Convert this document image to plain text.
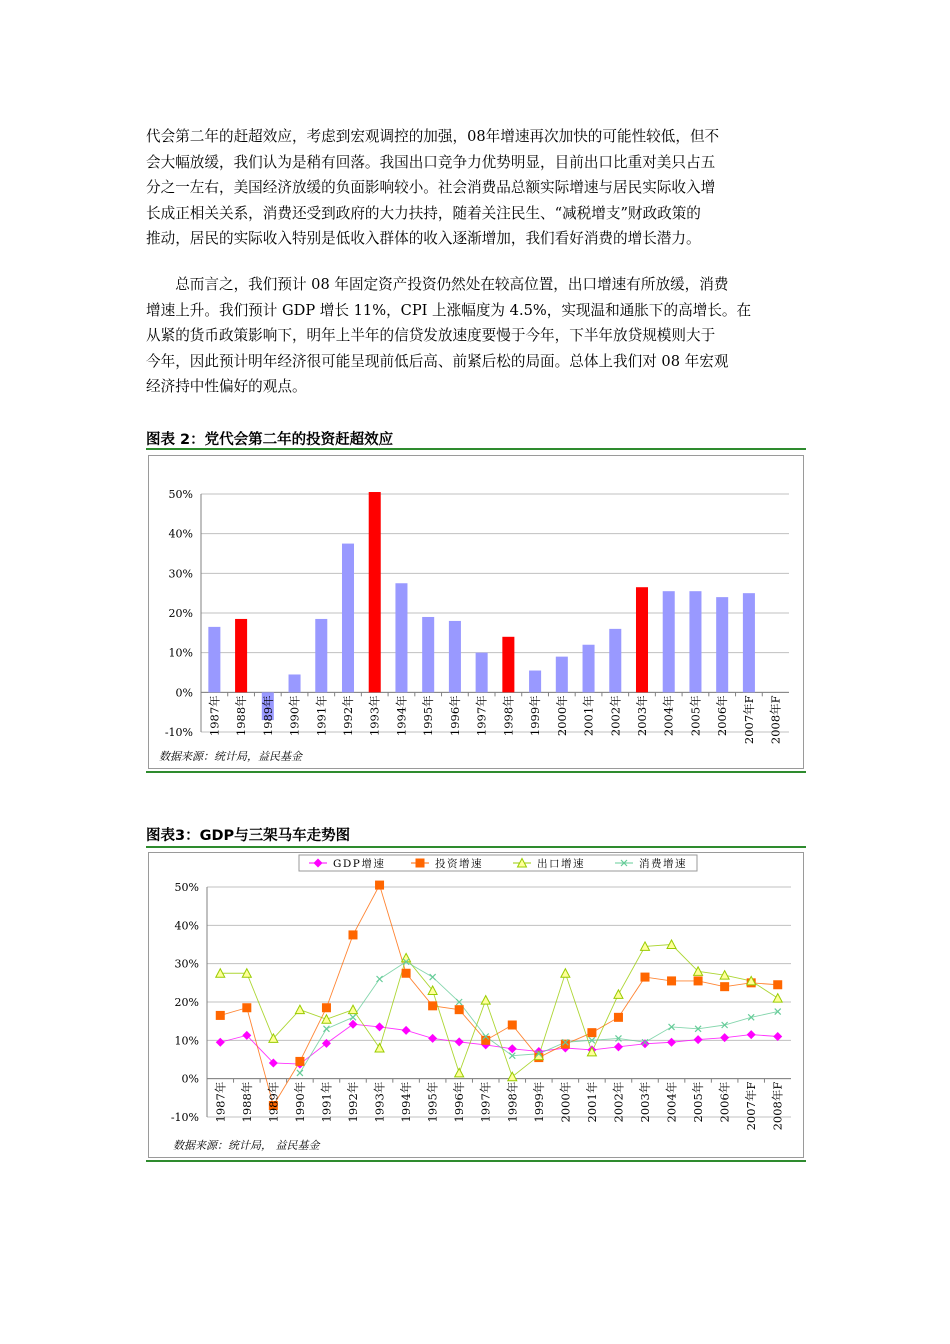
代会第二年的赶超效应，考虑到宏观调控的加强，08年增速再次加快的可能性较低，但不
会大幅放缓，我们认为是稍有回落。我国出口竞争力优势明显，目前出口比重对美只占五
分之一左右，美国经济放缓的负面影响较小。社会消费品总额实际增速与居民实际收入增
长成正相关关系，消费还受到政府的大力扶持，随着关注民生、“减税增支”财政政策的
推动，居民的实际收入特别是低收入群体的收入逐渐增加，我们看好消费的增长潜力。
　　总而言之，我们预计 08 年固定资产投资仍然处在较高位置，出口增速有所放缓，消费
增速上升。我们预计 GDP 增长 11%，CPI 上涨幅度为 4.5%，实现温和通胀下的高增长。在
从紧的货币政策影响下，明年上半年的信贷发放速度要慢于今年，下半年放贷规模则大于
今年，因此预计明年经济很可能呈现前低后高、前紧后松的局面。总体上我们对 08 年宏观
经济持中性偏好的观点。
图表 2：党代会第二年的投资赶超效应
-10%
0%
10%
20%
30%
40%
50%
1987年 1988年 1989年 1990年 1991年 1992年 1993年 1994年 1995年 1996年 1997年 1998年 1999年 2000年 2001年 2002年 2003年 2004年 2005年 2006年 2007年F 2008年F
数据来源：统计局，益民基金
图表3：GDP与三架马车走势图
GDP增速	投资增速	出口增速	消费增速
-10%
0%
10%
20%
30%
40%
50%
1987年 1988年 1989年 1990年 1991年 1992年 1993年 1994年 1995年 1996年 1997年 1998年 1999年 2000年 2001年 2002年 2003年 2004年 2005年 2006年 2007年F 2008年F
数据来源：统计局， 益民基金
